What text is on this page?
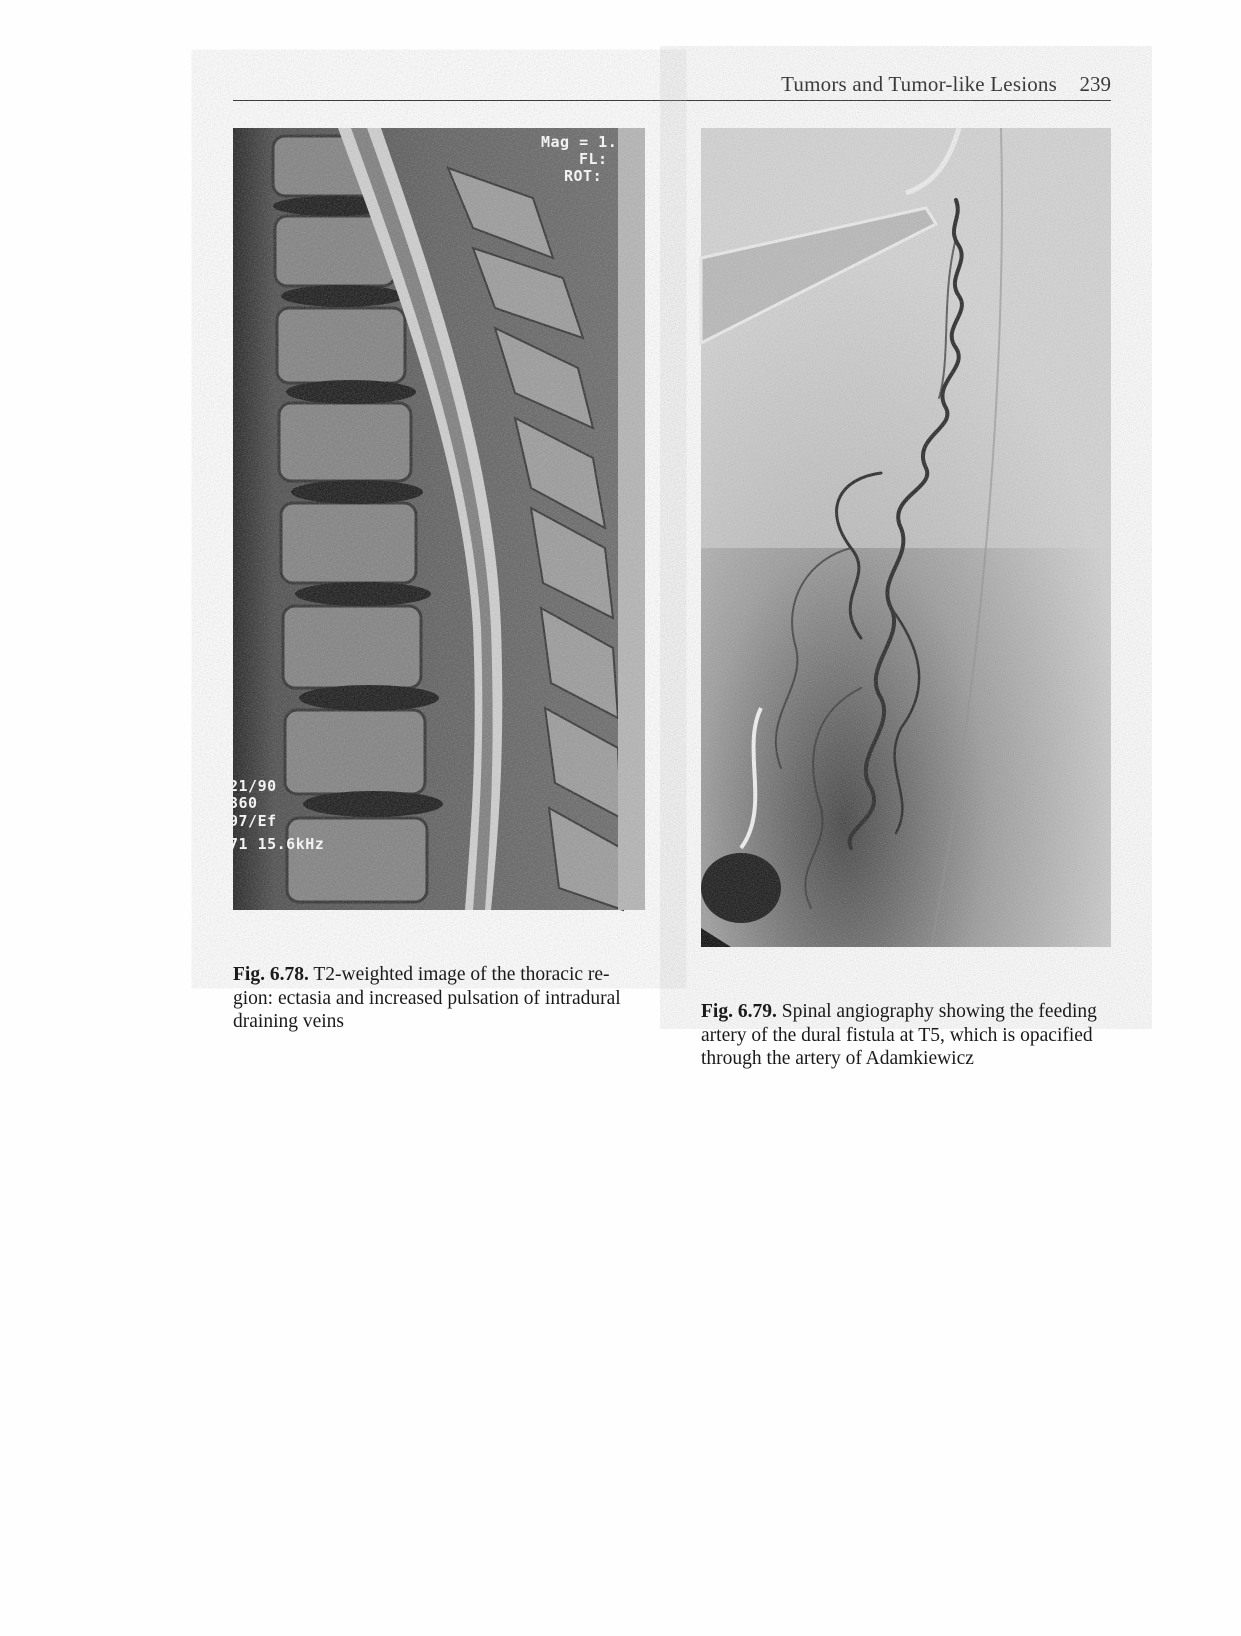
Tumors and Tumor-like Lesions 239
Mag = 1.
FL:
ROT:
21/90
360
97/Ef
71 15.6kHz
Fig. 6.78. T2-weighted image of the thoracic re-
gion: ectasia and increased pulsation of intradural
draining veins	Fig. 6.79. Spinal angiography showing the feeding
artery of the dural fistula at T5, which is opacified
through the artery of Adamkiewicz
